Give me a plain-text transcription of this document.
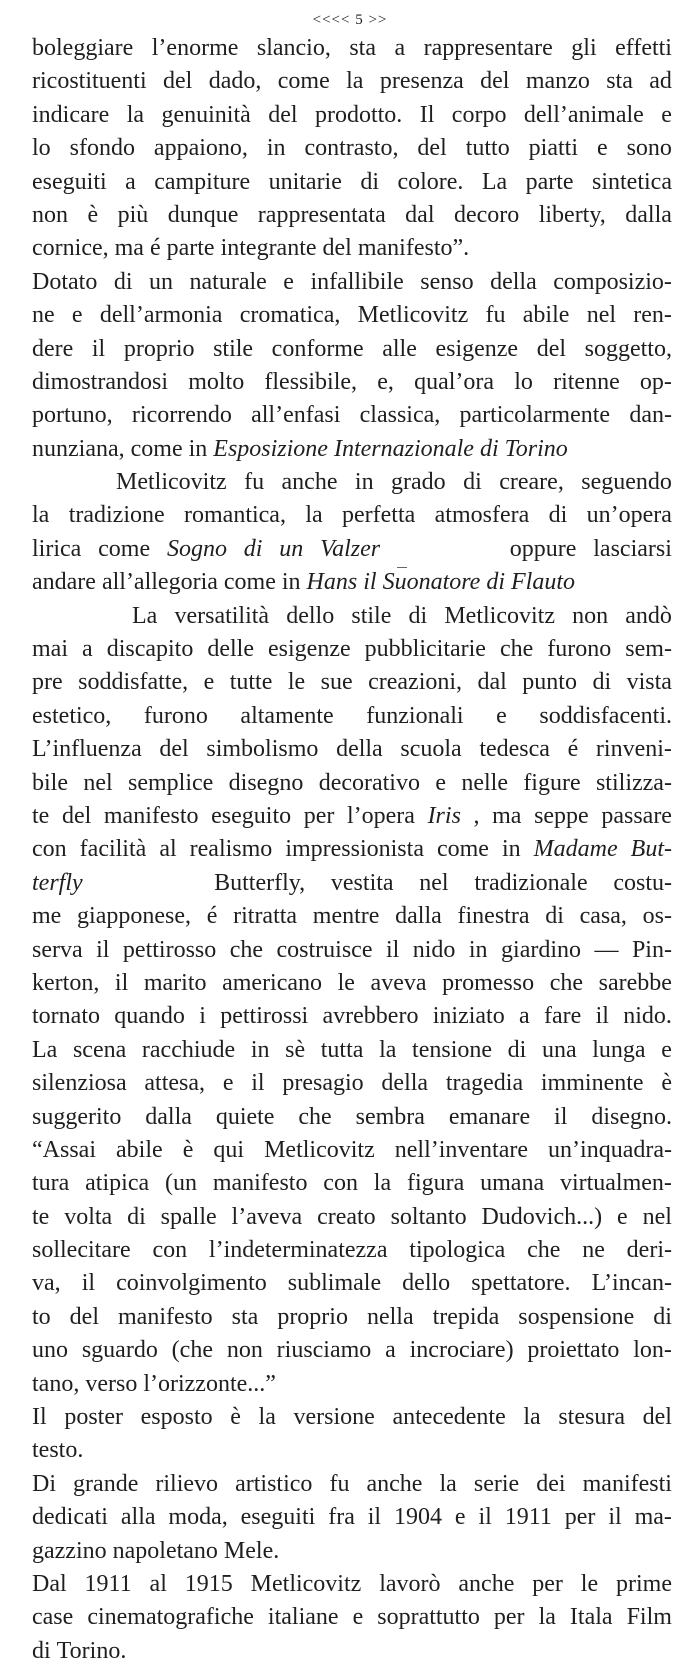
<<<< 5 >>
boleggiare l’enorme slancio, sta a rappresentare gli effetti
ricostituenti del dado, come la presenza del manzo sta ad
indicare la genuinità del prodotto. Il corpo dell’animale e
lo sfondo appaiono, in contrasto, del tutto piatti e sono
eseguiti a campiture unitarie di colore. La parte sintetica
non è più dunque rappresentata dal decoro liberty, dalla
cornice, ma é parte integrante del manifesto”.
Dotato di un naturale e infallibile senso della composizio-
ne e dell’armonia cromatica, Metlicovitz fu abile nel ren-
dere il proprio stile conforme alle esigenze del soggetto,
dimostrandosi molto flessibile, e, qual’ora lo ritenne op-
portuno, ricorrendo all’enfasi classica, particolarmente dan-
nunziana, come in Esposizione Internazionale di Torino
Metlicovitz fu anche in grado di creare, seguendo
la tradizione romantica, la perfetta atmosfera di un’opera
lirica come Sogno di un Valzer	oppure lasciarsi
andare all’allegoria come in Hans il Suonatore di Flauto
La versatilità dello stile di Metlicovitz non andò
mai a discapito delle esigenze pubblicitarie che furono sem-
pre soddisfatte, e tutte le sue creazioni, dal punto di vista
estetico, furono altamente funzionali e soddisfacenti.
L’influenza del simbolismo della scuola tedesca é rinveni-
bile nel semplice disegno decorativo e nelle figure stilizza-
te del manifesto eseguito per l’opera Iris , ma seppe passare
con facilità al realismo impressionista come in Madame But-
terfly	Butterfly, vestita nel tradizionale costu-
me giapponese, é ritratta mentre dalla finestra di casa, os-
serva il pettirosso che costruisce il nido in giardino — Pin-
kerton, il marito americano le aveva promesso che sarebbe
tornato quando i pettirossi avrebbero iniziato a fare il nido.
La scena racchiude in sè tutta la tensione di una lunga e
silenziosa attesa, e il presagio della tragedia imminente è
suggerito dalla quiete che sembra emanare il disegno.
“Assai abile è qui Metlicovitz nell’inventare un’inquadra-
tura atipica (un manifesto con la figura umana virtualmen-
te volta di spalle l’aveva creato soltanto Dudovich...) e nel
sollecitare con l’indeterminatezza tipologica che ne deri-
va, il coinvolgimento sublimale dello spettatore. L’incan-
to del manifesto sta proprio nella trepida sospensione di
uno sguardo (che non riusciamo a incrociare) proiettato lon-
tano, verso l’orizzonte...”
Il poster esposto è la versione antecedente la stesura del
testo.
Di grande rilievo artistico fu anche la serie dei manifesti
dedicati alla moda, eseguiti fra il 1904 e il 1911 per il ma-
gazzino napoletano Mele.
Dal 1911 al 1915 Metlicovitz lavorò anche per le prime
case cinematografiche italiane e soprattutto per la Itala Film
di Torino.
